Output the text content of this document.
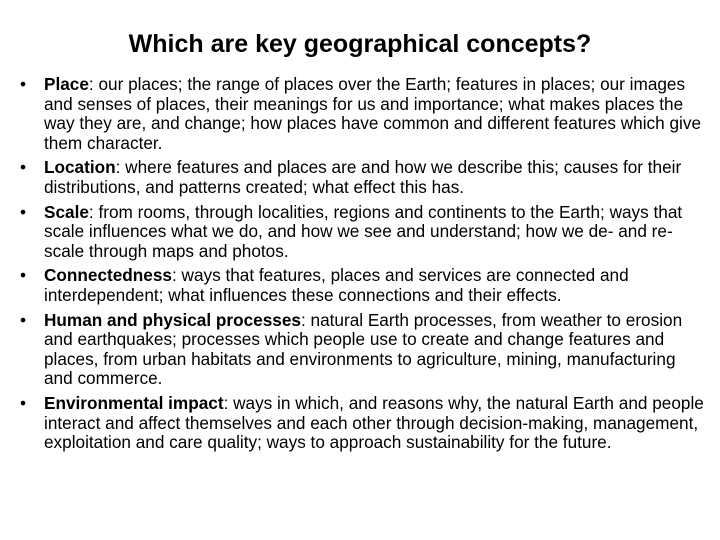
Which are key geographical concepts?
• Place: our places; the range of places over the Earth; features in places; our images and senses of places, their meanings for us and importance; what makes places the way they are, and change; how places have common and different features which give them character.
• Location: where features and places are and how we describe this; causes for their distributions, and patterns created; what effect this has.
• Scale: from rooms, through localities, regions and continents to the Earth; ways that scale influences what we do, and how we see and understand; how we de- and re-scale through maps and photos.
• Connectedness: ways that features, places and services are connected and interdependent; what influences these connections and their effects.
• Human and physical processes: natural Earth processes, from weather to erosion and earthquakes; processes which people use to create and change features and places, from urban habitats and environments to agriculture, mining, manufacturing and commerce.
• Environmental impact: ways in which, and reasons why, the natural Earth and people interact and affect themselves and each other through decision-making, management, exploitation and care quality; ways to approach sustainability for the future.
